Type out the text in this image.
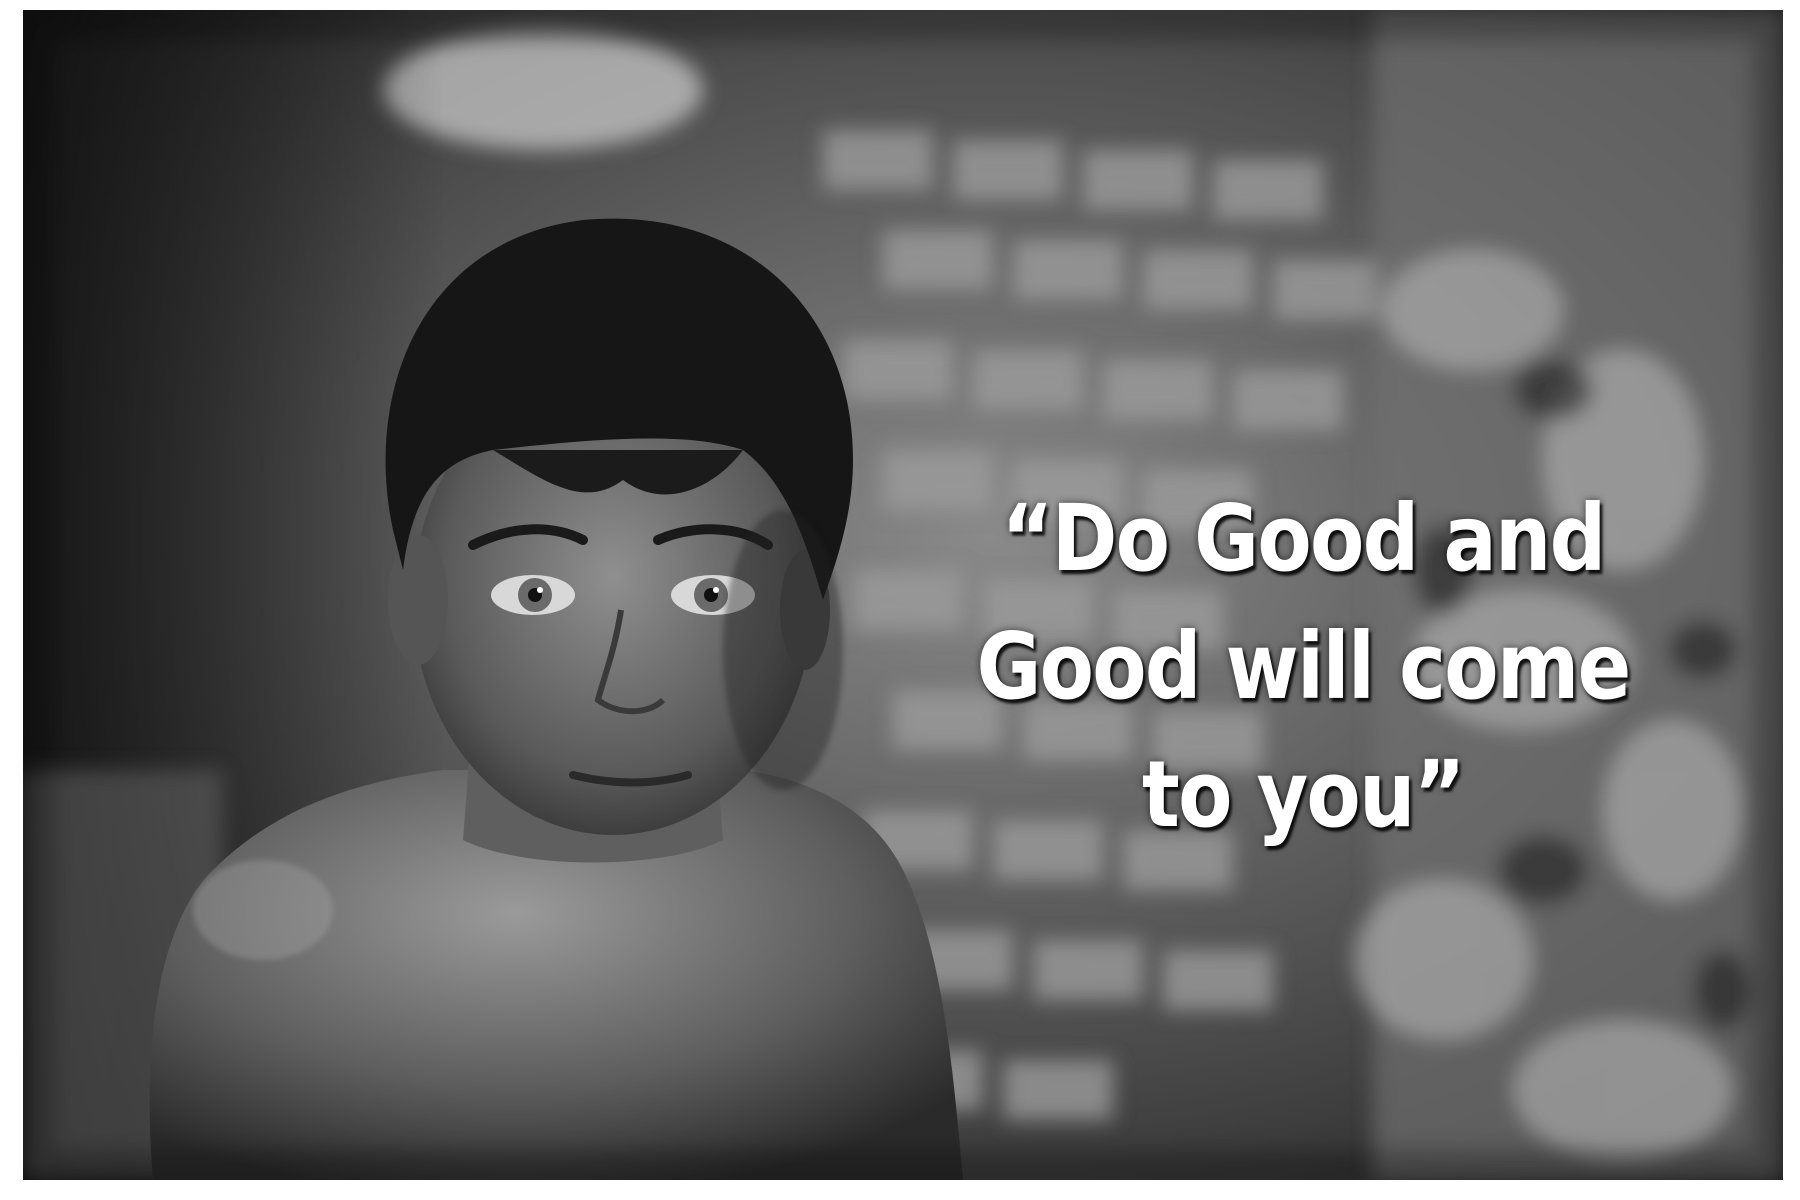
“Do Good and
Good will come
to you”
